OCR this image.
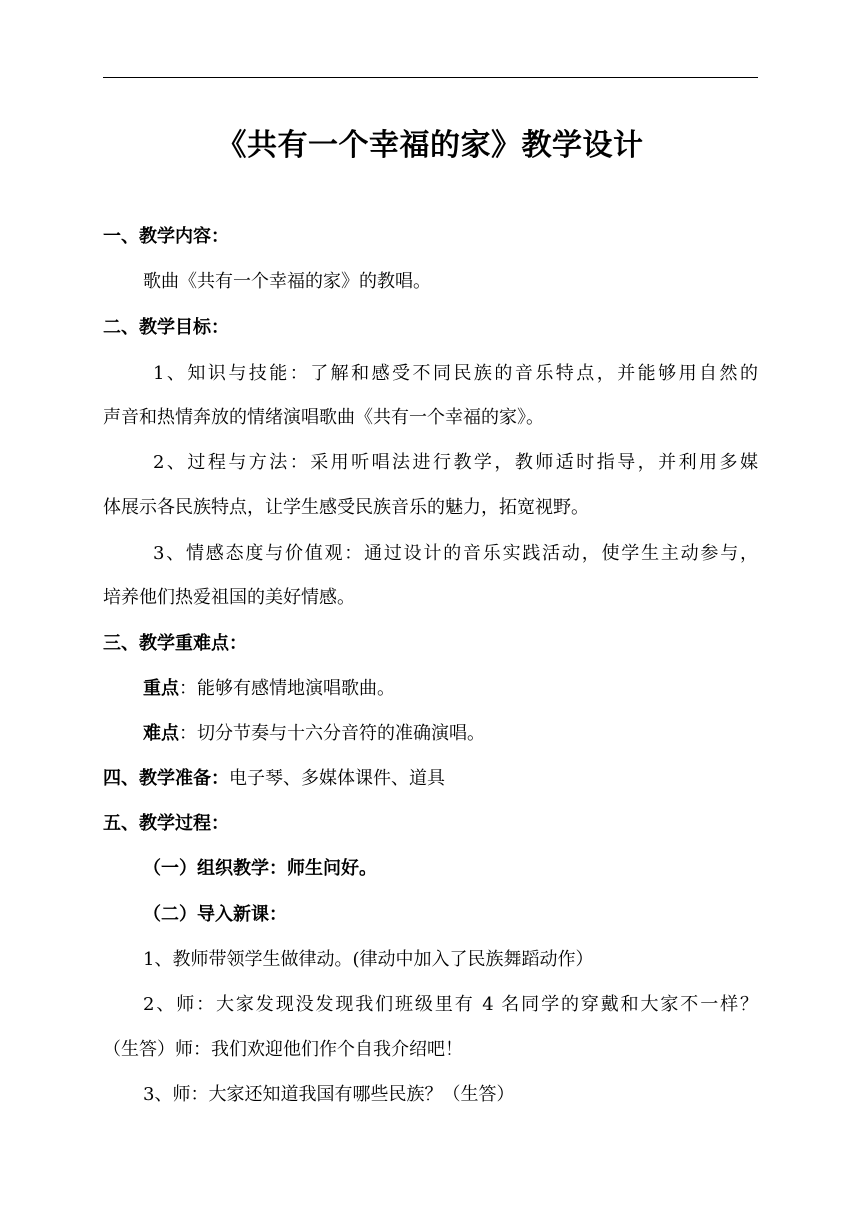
《共有一个幸福的家》教学设计
一、教学内容：
歌曲《共有一个幸福的家》的教唱。
二、教学目标：
1、知识与技能：了解和感受不同民族的音乐特点，并能够用自然的
声音和热情奔放的情绪演唱歌曲《共有一个幸福的家》。
2、过程与方法：采用听唱法进行教学，教师适时指导，并利用多媒
体展示各民族特点，让学生感受民族音乐的魅力，拓宽视野。
3、情感态度与价值观：通过设计的音乐实践活动，使学生主动参与，
培养他们热爱祖国的美好情感。
三、教学重难点：
重点：能够有感情地演唱歌曲。
难点：切分节奏与十六分音符的准确演唱。
四、教学准备：电子琴、多媒体课件、道具
五、教学过程：
（一）组织教学：师生问好。
（二）导入新课：
1、教师带领学生做律动。(律动中加入了民族舞蹈动作）
2、师：大家发现没发现我们班级里有 4 名同学的穿戴和大家不一样？
（生答）师：我们欢迎他们作个自我介绍吧！
3、师：大家还知道我国有哪些民族？（生答）
